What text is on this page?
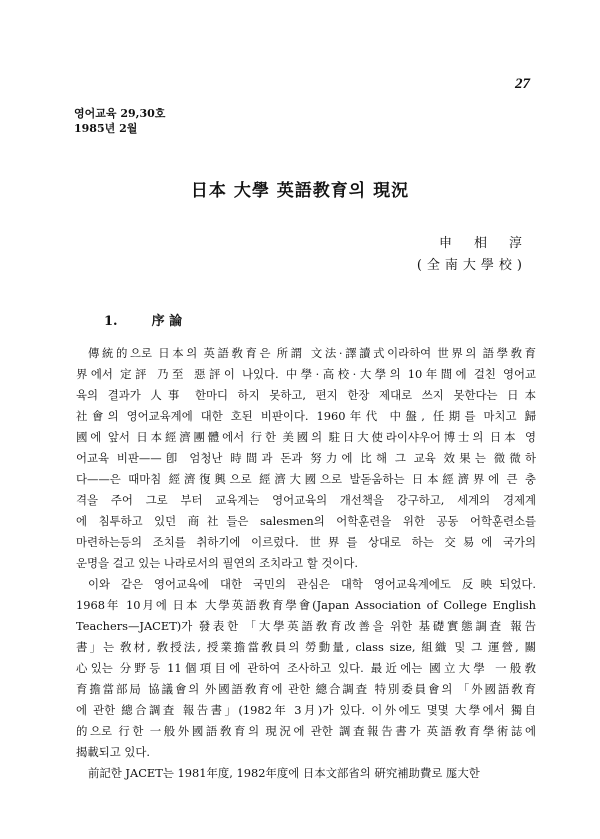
27
영어교육 29,30호
1985년 2월
日本 大學 英語教育의 現況
申相淳
(全南大學校)
1.	序 論

傳統的으로 日本의 英語敎育은 所謂 文法·譯讀式이라하여 世界의 語學敎育
界에서 定評 乃至 惡評이 나있다. 中學·高校·大學의 10年間에 걸친 영어교
육의 결과가 人事 한마디 하지 못하고, 편지 한장 제대로 쓰지 못한다는 日本
社會의 영어교육계에 대한 호된 비판이다. 1960年代 中盤, 任期를 마치고 歸
國에 앞서 日本經濟團體에서 行한 美國의 駐日大使라이샤우어博士의 日本 영
어교육 비판——卽 엄청난 時間과 돈과 努力에 比해 그 교육 效果는 微微하
다——은 때마침 經濟復興으로 經濟大國으로 발돋움하는 日本經濟界에 큰 충
격을 주어 그로 부터 교육계는 영어교육의 개선책을 강구하고, 세계의 경제계
에 침투하고 있던 商社들은 salesmen의 어학훈련을 위한 공동 어학훈련소를
마련하는등의 조치를 취하기에 이르렀다. 世界를 상대로 하는 交易에 국가의
운명을 걸고 있는 나라로서의 필연의 조치라고 할 것이다.

이와 같은 영어교육에 대한 국민의 관심은 대학 영어교육계에도 反映되었다.
1968年 10月에 日本 大學英語敎育學會(Japan Association of College English
Teachers—JACET)가 發表한 「大學英語敎育改善을 위한 基礎實態調査 報告
書」는 敎材, 敎授法, 授業擔當敎員의 勞動量, class size, 組織 및 그 運營, 關
心있는 分野등 11個項目에 관하여 조사하고 있다. 最近에는 國立大學 一般敎
育擔當部局 協議會의 外國語敎育에 관한 總合調査 特別委員會의 「外國語敎育
에 관한 總合調査 報告書」(1982年 3月)가 있다. 이外에도 몇몇 大學에서 獨自
的으로 行한 一般外國語敎育의 現況에 관한 調査報告書가 英語敎育學術誌에
揭載되고 있다.

前記한 JACET는 1981年度, 1982年度에 日本文部省의 硏究補助費로 厖大한
